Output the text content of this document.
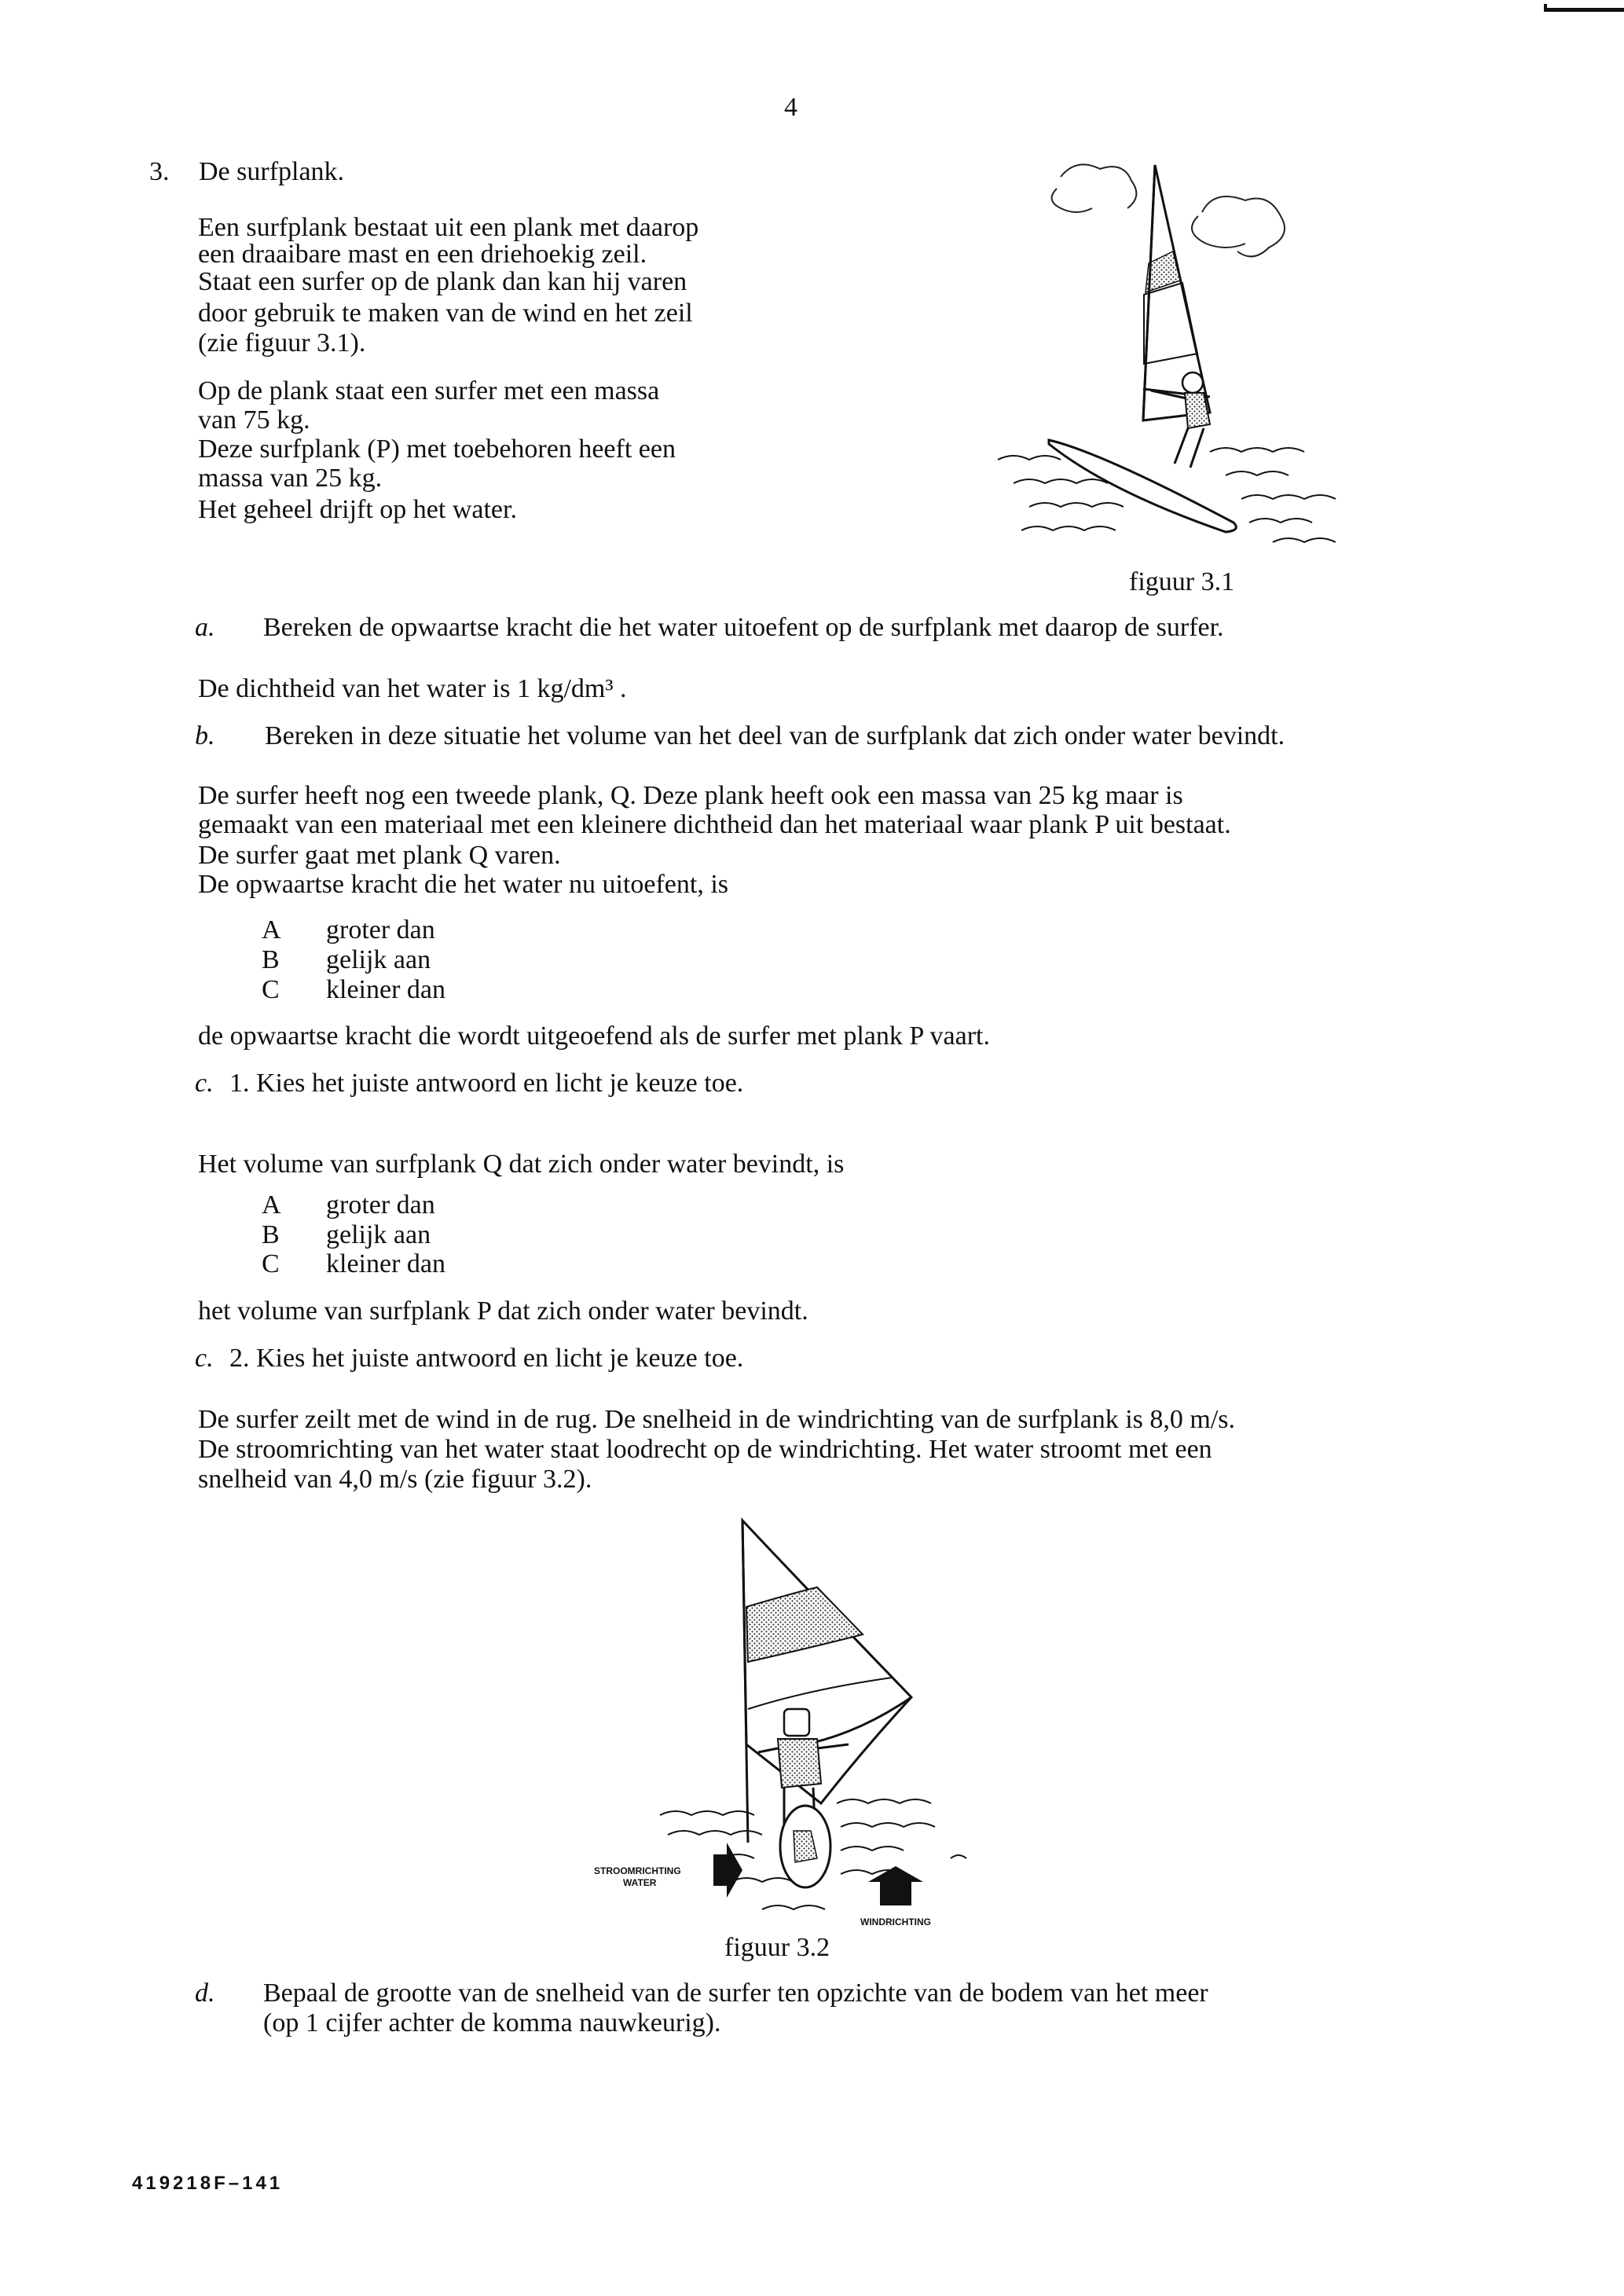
4
3. De surfplank.
Een surfplank bestaat uit een plank met daarop
een draaibare mast en een driehoekig zeil.
Staat een surfer op de plank dan kan hij varen
door gebruik te maken van de wind en het zeil
(zie figuur 3.1).
Op de plank staat een surfer met een massa
van 75 kg.
Deze surfplank (P) met toebehoren heeft een
massa van 25 kg.
Het geheel drijft op het water.
figuur 3.1
a. Bereken de opwaartse kracht die het water uitoefent op de surfplank met daarop de surfer.
De dichtheid van het water is 1 kg/dm³ .
b. Bereken in deze situatie het volume van het deel van de surfplank dat zich onder water bevindt.
De surfer heeft nog een tweede plank, Q. Deze plank heeft ook een massa van 25 kg maar is
gemaakt van een materiaal met een kleinere dichtheid dan het materiaal waar plank P uit bestaat.
De surfer gaat met plank Q varen.
De opwaartse kracht die het water nu uitoefent, is
A groter dan
B gelijk aan
C kleiner dan
de opwaartse kracht die wordt uitgeoefend als de surfer met plank P vaart.
c. 1. Kies het juiste antwoord en licht je keuze toe.
Het volume van surfplank Q dat zich onder water bevindt, is
A groter dan
B gelijk aan
C kleiner dan
het volume van surfplank P dat zich onder water bevindt.
c. 2. Kies het juiste antwoord en licht je keuze toe.
De surfer zeilt met de wind in de rug. De snelheid in de windrichting van de surfplank is 8,0 m/s.
De stroomrichting van het water staat loodrecht op de windrichting. Het water stroomt met een
snelheid van 4,0 m/s (zie figuur 3.2).
STROOMRICHTING
WATER
WINDRICHTING
figuur 3.2
d. Bepaal de grootte van de snelheid van de surfer ten opzichte van de bodem van het meer
(op 1 cijfer achter de komma nauwkeurig).
419218F–141
